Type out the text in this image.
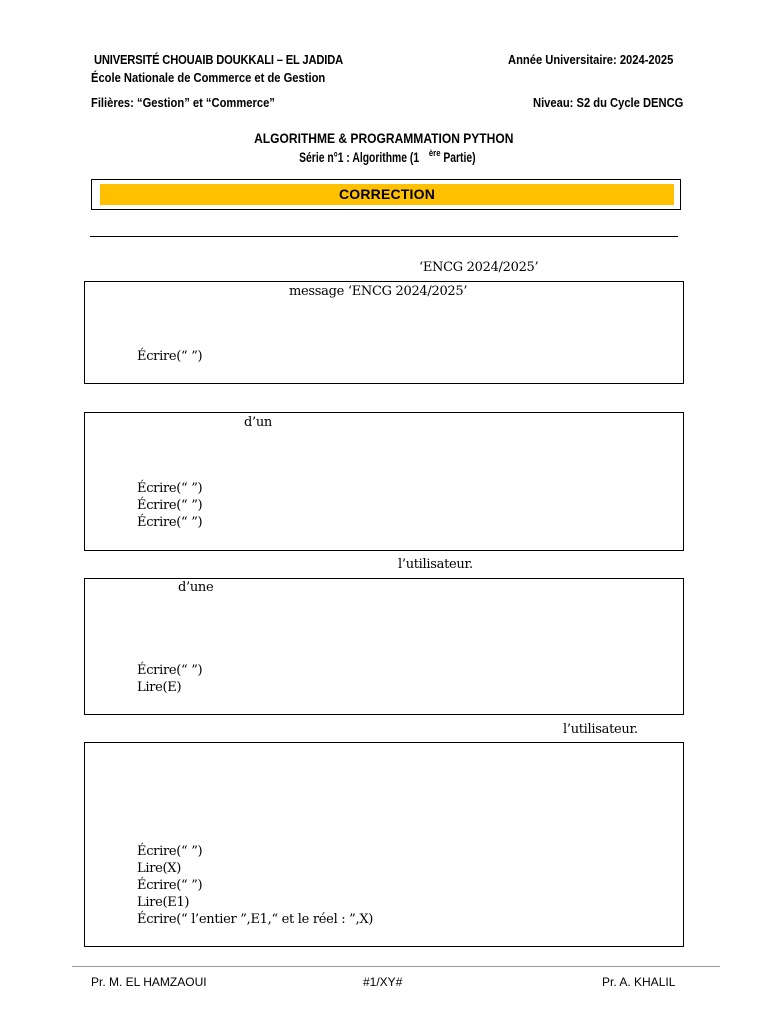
UNIVERSITÉ CHOUAIB DOUKKALI – EL JADIDA
École Nationale de Commerce et de Gestion
Année Universitaire: 2024-2025
Filières: “Gestion” et “Commerce”	Niveau: S2 du Cycle DENCG
ALGORITHME & PROGRAMMATION PYTHON
Série n°1 : Algorithme (1 $^{ère}$Partie)
CORRECTION
‘ENCG 2024/2025’
message ‘ENCG 2024/2025’
Écrire(“ ”)
d’un
Écrire(“ ”)
Écrire(“ ”)
Écrire(“ ”)
l’utilisateur.
d’une
Écrire(“ ”)
Lire(E)
l’utilisateur.
Écrire(“ ”)
Lire(X)
Écrire(“ ”)
Lire(E1)
Écrire(“ l’entier ”,E1,“ et le réel : ”,X)
Pr. M. EL HAMZAOUI	#1/XY#	Pr. A. KHALIL
